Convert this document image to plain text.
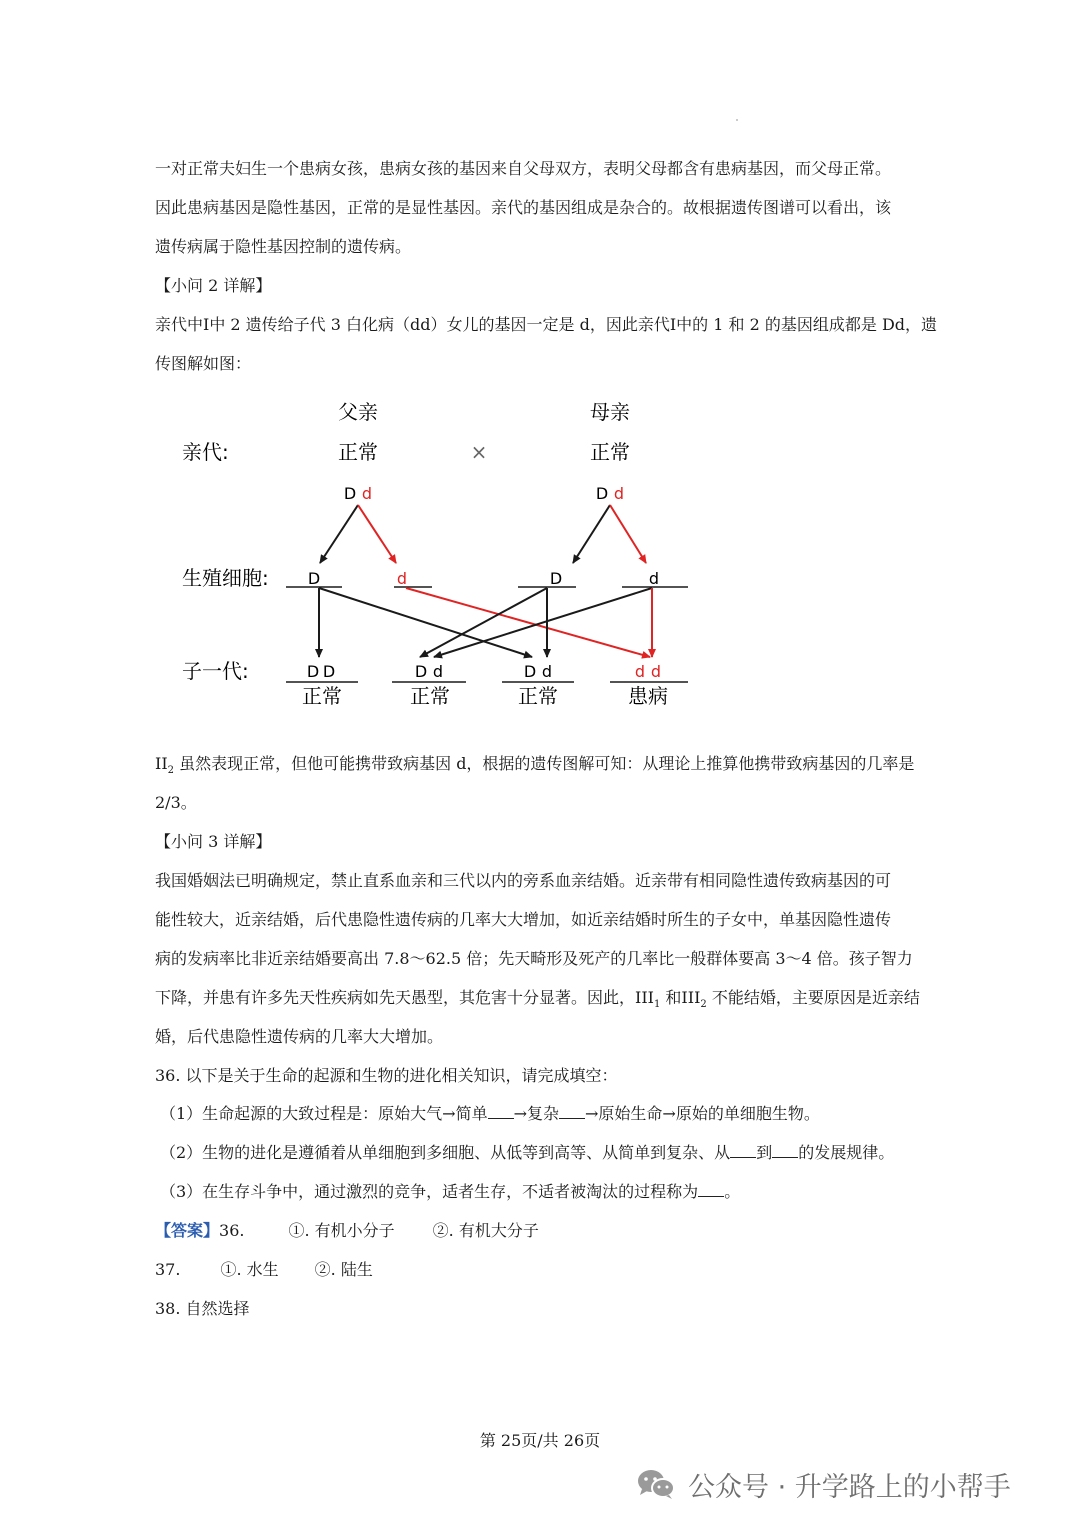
一对正常夫妇生一个患病女孩，患病女孩的基因来自父母双方，表明父母都含有患病基因，而父母正常。
因此患病基因是隐性基因，正常的是显性基因。亲代的基因组成是杂合的。故根据遗传图谱可以看出，该
遗传病属于隐性基因控制的遗传病。
【小问 2 详解】
亲代中I中 2 遗传给子代 3 白化病（dd）女儿的基因一定是 d，因此亲代I中的 1 和 2 的基因组成都是 Dd，遗
传图解如图：
父亲	母亲
亲代:	正常	×	正常
D d	D d
生殖细胞: D	d	D	d
子一代:	D D
正常
D d
正常
D d
正常
d d
患病
$II_2$ 虽然表现正常，但他可能携带致病基因 d，根据的遗传图解可知：从理论上推算他携带致病基因的几率是
2/3。
【小问 3 详解】
我国婚姻法已明确规定，禁止直系血亲和三代以内的旁系血亲结婚。近亲带有相同隐性遗传致病基因的可
能性较大，近亲结婚，后代患隐性遗传病的几率大大增加，如近亲结婚时所生的子女中，单基因隐性遗传
病的发病率比非近亲结婚要高出 7.8～62.5 倍；先天畸形及死产的几率比一般群体要高 3～4 倍。孩子智力
下降，并患有许多先天性疾病如先天愚型，其危害十分显著。因此，$III_1$ 和$III_2$ 不能结婚，主要原因是近亲结
婚，后代患隐性遗传病的几率大大增加。
36. 以下是关于生命的起源和生物的进化相关知识，请完成填空：
（1）生命起源的大致过程是：原始大气→简单 →复杂 →原始生命→原始的单细胞生物。
（2）生物的进化是遵循着从单细胞到多细胞、从低等到高等、从简单到复杂、从 到 的发展规律。
（3）在生存斗争中，通过激烈的竞争，适者生存，不适者被淘汰的过程称为 。
【答案】36.	①. 有机小分子 ②. 有机大分子
37.	①. 水生 ②. 陆生
38. 自然选择
第 25页/共 26页
公众号 · 升学路上的小帮手
